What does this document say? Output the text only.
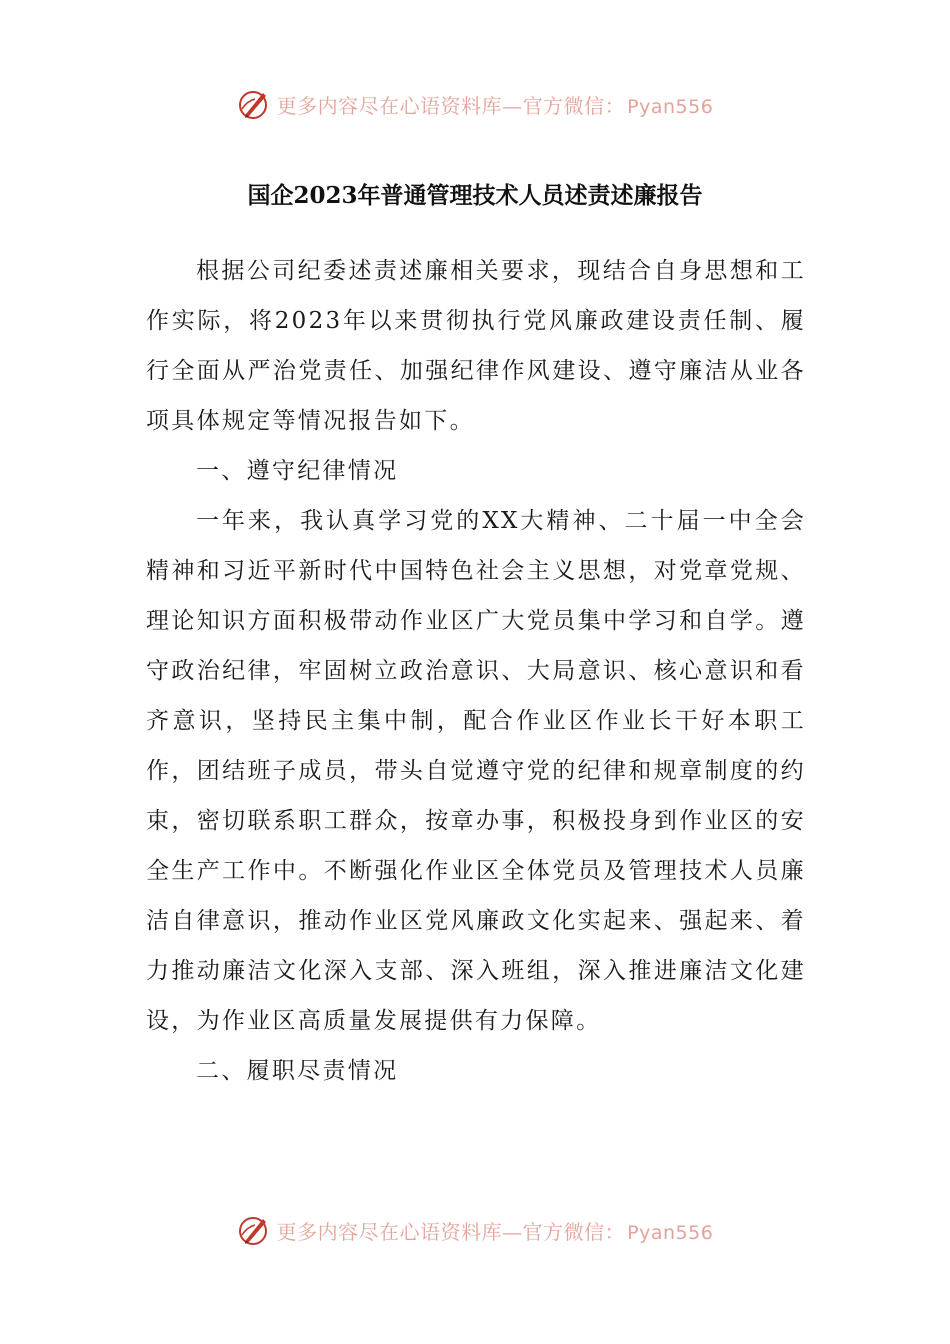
更多内容尽在心语资料库—官方微信： Pyan556
国企2023年普通管理技术人员述责述廉报告

根据公司纪委述责述廉相关要求，现结合自身思想和工作实际，将2023年以来贯彻执行党风廉政建设责任制、履行全面从严治党责任、加强纪律作风建设、遵守廉洁从业各项具体规定等情况报告如下。

一、遵守纪律情况

一年来，我认真学习党的XX大精神、二十届一中全会精神和习近平新时代中国特色社会主义思想，对党章党规、理论知识方面积极带动作业区广大党员集中学习和自学。遵守政治纪律，牢固树立政治意识、大局意识、核心意识和看齐意识，坚持民主集中制，配合作业区作业长干好本职工作，团结班子成员，带头自觉遵守党的纪律和规章制度的约束，密切联系职工群众，按章办事，积极投身到作业区的安全生产工作中。不断强化作业区全体党员及管理技术人员廉洁自律意识，推动作业区党风廉政文化实起来、强起来、着力推动廉洁文化深入支部、深入班组，深入推进廉洁文化建设，为作业区高质量发展提供有力保障。

二、履职尽责情况

更多内容尽在心语资料库—官方微信： Pyan556
